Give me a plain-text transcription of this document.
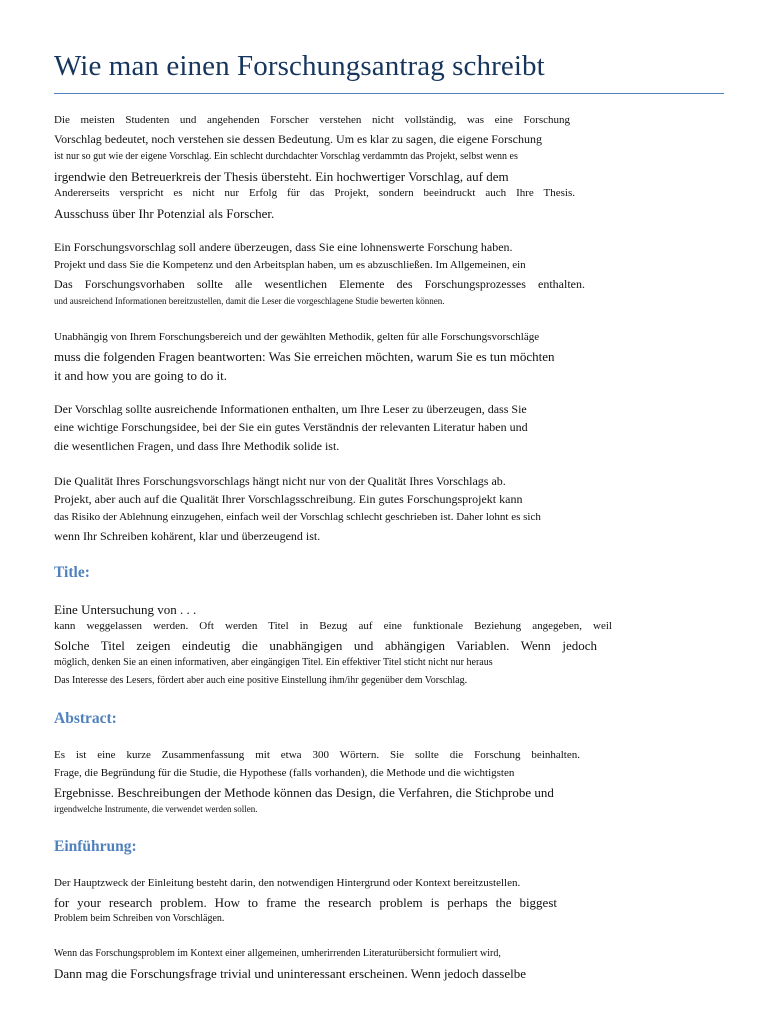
Wie man einen Forschungsantrag schreibt
Die meisten Studenten und angehenden Forscher verstehen nicht vollständig, was eine Forschung
Vorschlag bedeutet, noch verstehen sie dessen Bedeutung. Um es klar zu sagen, die eigene Forschung
ist nur so gut wie der eigene Vorschlag. Ein schlecht durchdachter Vorschlag verdammtn das Projekt, selbst wenn es
irgendwie den Betreuerkreis der Thesis übersteht. Ein hochwertiger Vorschlag, auf dem
Andererseits verspricht es nicht nur Erfolg für das Projekt, sondern beeindruckt auch Ihre Thesis.
Ausschuss über Ihr Potenzial als Forscher.
Ein Forschungsvorschlag soll andere überzeugen, dass Sie eine lohnenswerte Forschung haben.
Projekt und dass Sie die Kompetenz und den Arbeitsplan haben, um es abzuschließen. Im Allgemeinen, ein
Das Forschungsvorhaben sollte alle wesentlichen Elemente des Forschungsprozesses enthalten.
und ausreichend Informationen bereitzustellen, damit die Leser die vorgeschlagene Studie bewerten können.
Unabhängig von Ihrem Forschungsbereich und der gewählten Methodik, gelten für alle Forschungsvorschläge
muss die folgenden Fragen beantworten: Was Sie erreichen möchten, warum Sie es tun möchten
it and how you are going to do it.
Der Vorschlag sollte ausreichende Informationen enthalten, um Ihre Leser zu überzeugen, dass Sie
eine wichtige Forschungsidee, bei der Sie ein gutes Verständnis der relevanten Literatur haben und
die wesentlichen Fragen, und dass Ihre Methodik solide ist.
Die Qualität Ihres Forschungsvorschlags hängt nicht nur von der Qualität Ihres Vorschlags ab.
Projekt, aber auch auf die Qualität Ihrer Vorschlagsschreibung. Ein gutes Forschungsprojekt kann
das Risiko der Ablehnung einzugehen, einfach weil der Vorschlag schlecht geschrieben ist. Daher lohnt es sich
wenn Ihr Schreiben kohärent, klar und überzeugend ist.
Title:
Eine Untersuchung von . . .
kann weggelassen werden. Oft werden Titel in Bezug auf eine funktionale Beziehung angegeben, weil
Solche Titel zeigen eindeutig die unabhängigen und abhängigen Variablen. Wenn jedoch
möglich, denken Sie an einen informativen, aber eingängigen Titel. Ein effektiver Titel sticht nicht nur heraus
Das Interesse des Lesers, fördert aber auch eine positive Einstellung ihm/ihr gegenüber dem Vorschlag.
Abstract:
Es ist eine kurze Zusammenfassung mit etwa 300 Wörtern. Sie sollte die Forschung beinhalten.
Frage, die Begründung für die Studie, die Hypothese (falls vorhanden), die Methode und die wichtigsten
Ergebnisse. Beschreibungen der Methode können das Design, die Verfahren, die Stichprobe und
irgendwelche Instrumente, die verwendet werden sollen.
Einführung:
Der Hauptzweck der Einleitung besteht darin, den notwendigen Hintergrund oder Kontext bereitzustellen.
for your research problem. How to frame the research problem is perhaps the biggest
Problem beim Schreiben von Vorschlägen.
Wenn das Forschungsproblem im Kontext einer allgemeinen, umherirrenden Literaturübersicht formuliert wird,
Dann mag die Forschungsfrage trivial und uninteressant erscheinen. Wenn jedoch dasselbe
